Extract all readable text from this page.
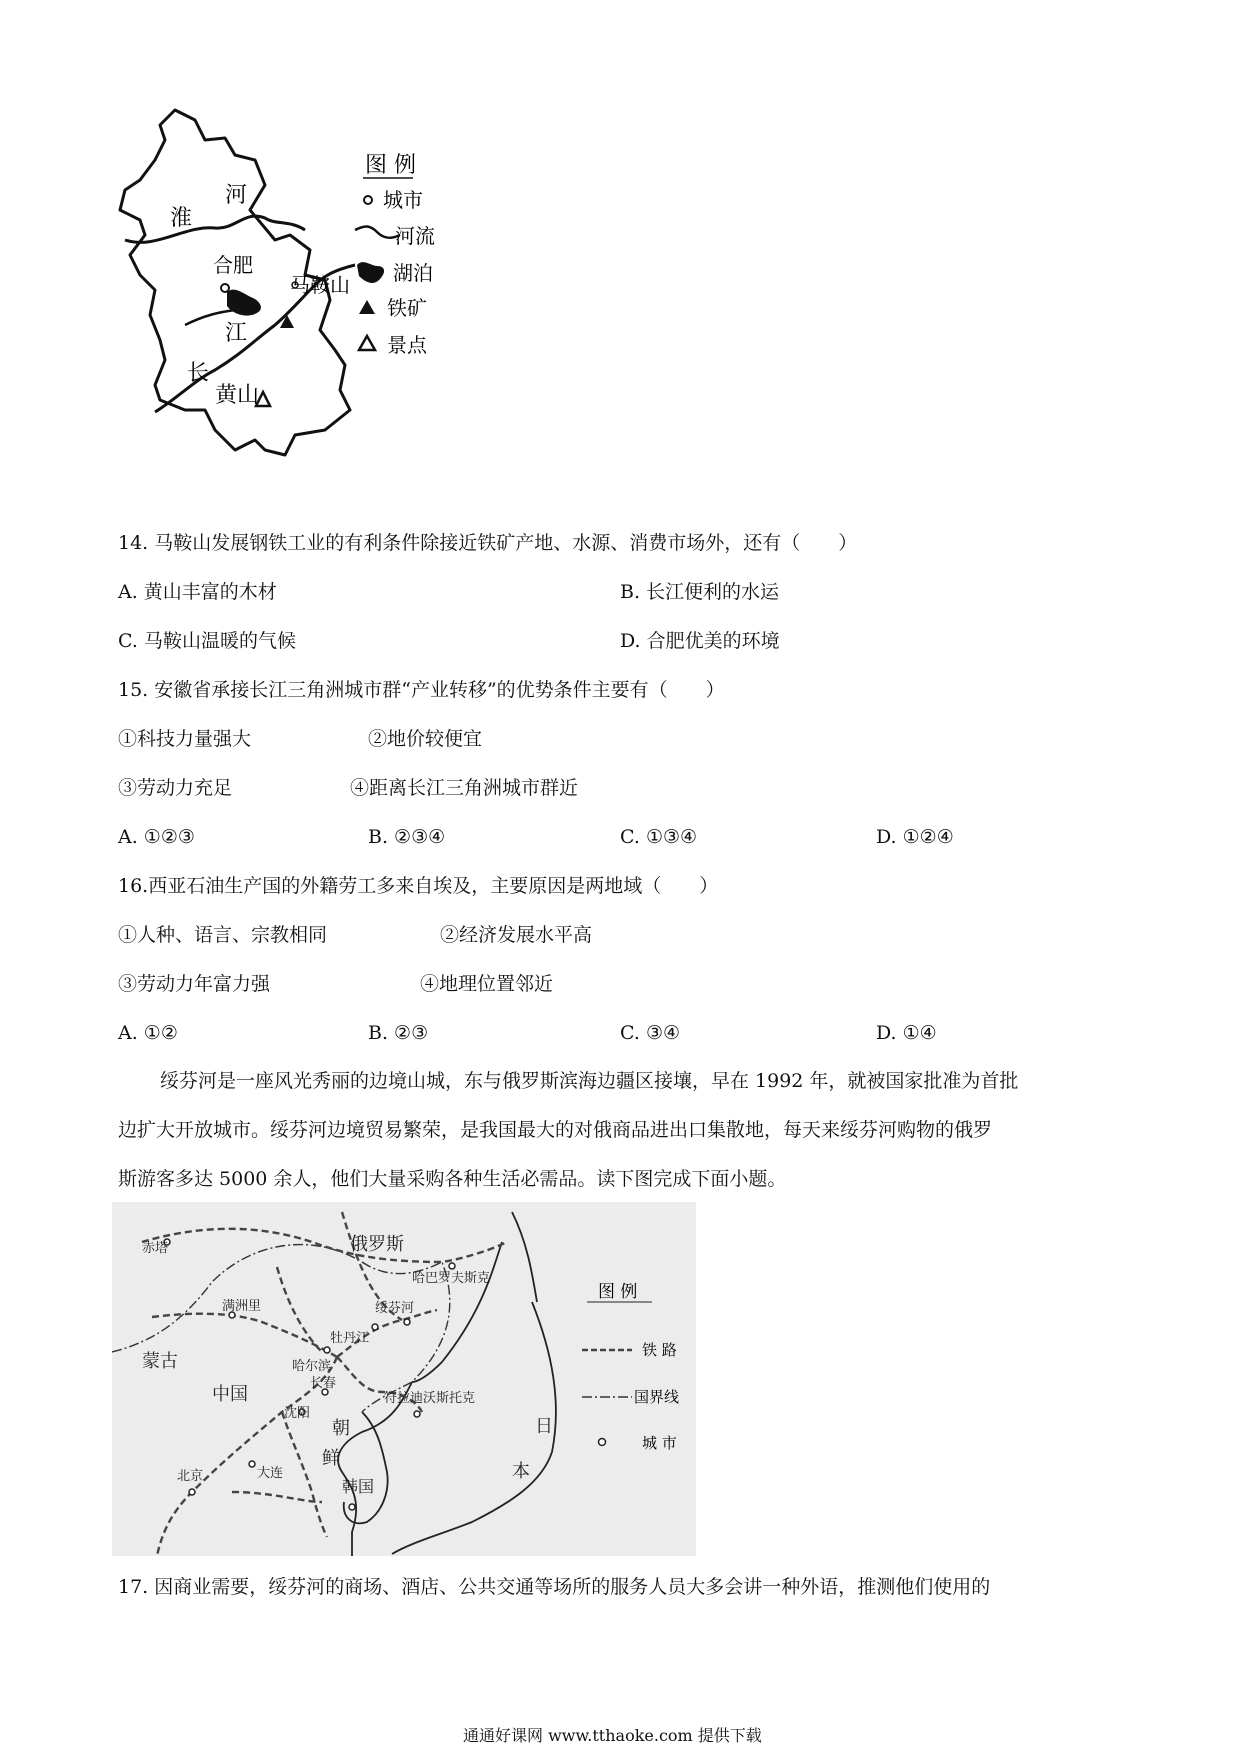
河
淮
合肥
马鞍山
江
长
黄山
图 例
城市
河流
湖泊
铁矿
景点
14. 马鞍山发展钢铁工业的有利条件除接近铁矿产地、水源、消费市场外，还有（　　）
A. 黄山丰富的木材	B. 长江便利的水运
C. 马鞍山温暖的气候	D. 合肥优美的环境
15. 安徽省承接长江三角洲城市群“产业转移”的优势条件主要有（　　）
①科技力量强大	②地价较便宜
③劳动力充足	④距离长江三角洲城市群近
A. ①②③	B. ②③④	C. ①③④	D. ①②④
16.西亚石油生产国的外籍劳工多来自埃及，主要原因是两地域（　　）
①人种、语言、宗教相同	②经济发展水平高
③劳动力年富力强	④地理位置邻近
A. ①②	B. ②③	C. ③④	D. ①④
绥芬河是一座风光秀丽的边境山城，东与俄罗斯滨海边疆区接壤，早在 1992 年，就被国家批准为首批
边扩大开放城市。绥芬河边境贸易繁荣，是我国最大的对俄商品进出口集散地，每天来绥芬河购物的俄罗
斯游客多达 5000 余人，他们大量采购各种生活必需品。读下图完成下面小题。
俄罗斯
哈巴罗夫斯克
赤塔
满洲里
蒙古
绥芬河
牡丹江
哈尔滨
中国	符拉迪沃斯托克
长春
沈阳
朝
鲜
北京	大连
韩国
日
本
图 例
铁 路
国界线
城 市
17. 因商业需要，绥芬河的商场、酒店、公共交通等场所的服务人员大多会讲一种外语，推测他们使用的
通通好课网 www.tthaoke.com 提供下载
